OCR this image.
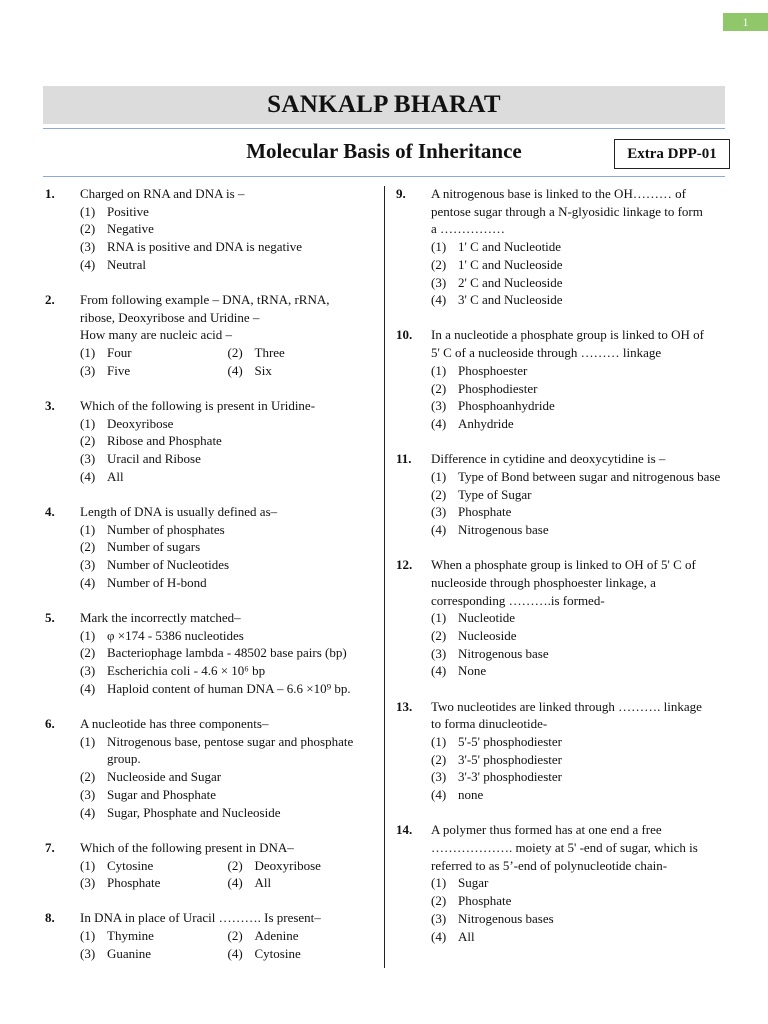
1
SANKALP BHARAT
Molecular Basis of Inheritance	Extra DPP-01
1. Charged on RNA and DNA is –
(1) Positive
(2) Negative
(3) RNA is positive and DNA is negative
(4) Neutral
2. From following example – DNA, tRNA, rRNA,
ribose, Deoxyribose and Uridine –
How many are nucleic acid –
(1) Four	(2) Three
(3) Five	(4) Six
3. Which of the following is present in Uridine-
(1) Deoxyribose
(2) Ribose and Phosphate
(3) Uracil and Ribose
(4) All
4. Length of DNA is usually defined as–
(1) Number of phosphates
(2) Number of sugars
(3) Number of Nucleotides
(4) Number of H-bond
5. Mark the incorrectly matched–
(1) φ ×174 - 5386 nucleotides
(2) Bacteriophage lambda - 48502 base pairs (bp)
(3) Escherichia coli - 4.6 × 10⁶ bp
(4) Haploid content of human DNA – 6.6 ×10⁹ bp.
6. A nucleotide has three components–
(1) Nitrogenous base, pentose sugar and phosphate group.
(2) Nucleoside and Sugar
(3) Sugar and Phosphate
(4) Sugar, Phosphate and Nucleoside
7. Which of the following present in DNA–
(1) Cytosine	(2) Deoxyribose
(3) Phosphate	(4) All
8. In DNA in place of Uracil ………. Is present–
(1) Thymine	(2) Adenine
(3) Guanine	(4) Cytosine
9. A nitrogenous base is linked to the OH……… of
pentose sugar through a N-glyosidic linkage to form
a ……………
(1) 1' C and Nucleotide
(2) 1' C and Nucleoside
(3) 2' C and Nucleoside
(4) 3' C and Nucleoside
10. In a nucleotide a phosphate group is linked to OH of
5' C of a nucleoside through ……… linkage
(1) Phosphoester
(2) Phosphodiester
(3) Phosphoanhydride
(4) Anhydride
11. Difference in cytidine and deoxycytidine is –
(1) Type of Bond between sugar and nitrogenous base
(2) Type of Sugar
(3) Phosphate
(4) Nitrogenous base
12. When a phosphate group is linked to OH of 5' C of
nucleoside through phosphoester linkage, a
corresponding ……….is formed-
(1) Nucleotide
(2) Nucleoside
(3) Nitrogenous base
(4) None
13. Two nucleotides are linked through ………. linkage
to forma dinucleotide-
(1) 5'-5' phosphodiester
(2) 3'-5' phosphodiester
(3) 3'-3' phosphodiester
(4) none
14. A polymer thus formed has at one end a free
………………. moiety at 5' -end of sugar, which is
referred to as 5’-end of polynucleotide chain-
(1) Sugar
(2) Phosphate
(3) Nitrogenous bases
(4) All
